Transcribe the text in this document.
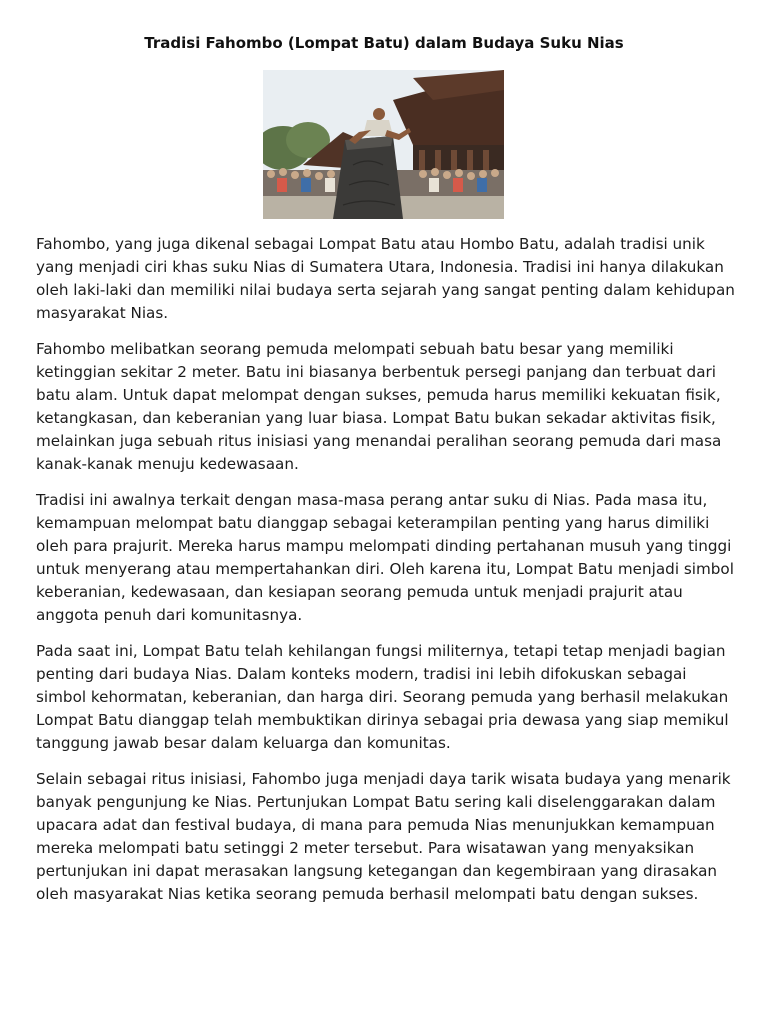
Tradisi Fahombo (Lompat Batu) dalam Budaya Suku Nias

Fahombo, yang juga dikenal sebagai Lompat Batu atau Hombo Batu, adalah tradisi unik yang menjadi ciri khas suku Nias di Sumatera Utara, Indonesia. Tradisi ini hanya dilakukan oleh laki-laki dan memiliki nilai budaya serta sejarah yang sangat penting dalam kehidupan masyarakat Nias.

Fahombo melibatkan seorang pemuda melompati sebuah batu besar yang memiliki ketinggian sekitar 2 meter. Batu ini biasanya berbentuk persegi panjang dan terbuat dari batu alam. Untuk dapat melompat dengan sukses, pemuda harus memiliki kekuatan fisik, ketangkasan, dan keberanian yang luar biasa. Lompat Batu bukan sekadar aktivitas fisik, melainkan juga sebuah ritus inisiasi yang menandai peralihan seorang pemuda dari masa kanak-kanak menuju kedewasaan.

Tradisi ini awalnya terkait dengan masa-masa perang antar suku di Nias. Pada masa itu, kemampuan melompat batu dianggap sebagai keterampilan penting yang harus dimiliki oleh para prajurit. Mereka harus mampu melompati dinding pertahanan musuh yang tinggi untuk menyerang atau mempertahankan diri. Oleh karena itu, Lompat Batu menjadi simbol keberanian, kedewasaan, dan kesiapan seorang pemuda untuk menjadi prajurit atau anggota penuh dari komunitasnya.

Pada saat ini, Lompat Batu telah kehilangan fungsi militernya, tetapi tetap menjadi bagian penting dari budaya Nias. Dalam konteks modern, tradisi ini lebih difokuskan sebagai simbol kehormatan, keberanian, dan harga diri. Seorang pemuda yang berhasil melakukan Lompat Batu dianggap telah membuktikan dirinya sebagai pria dewasa yang siap memikul tanggung jawab besar dalam keluarga dan komunitas.

Selain sebagai ritus inisiasi, Fahombo juga menjadi daya tarik wisata budaya yang menarik banyak pengunjung ke Nias. Pertunjukan Lompat Batu sering kali diselenggarakan dalam upacara adat dan festival budaya, di mana para pemuda Nias menunjukkan kemampuan mereka melompati batu setinggi 2 meter tersebut. Para wisatawan yang menyaksikan pertunjukan ini dapat merasakan langsung ketegangan dan kegembiraan yang dirasakan oleh masyarakat Nias ketika seorang pemuda berhasil melompati batu dengan sukses.
